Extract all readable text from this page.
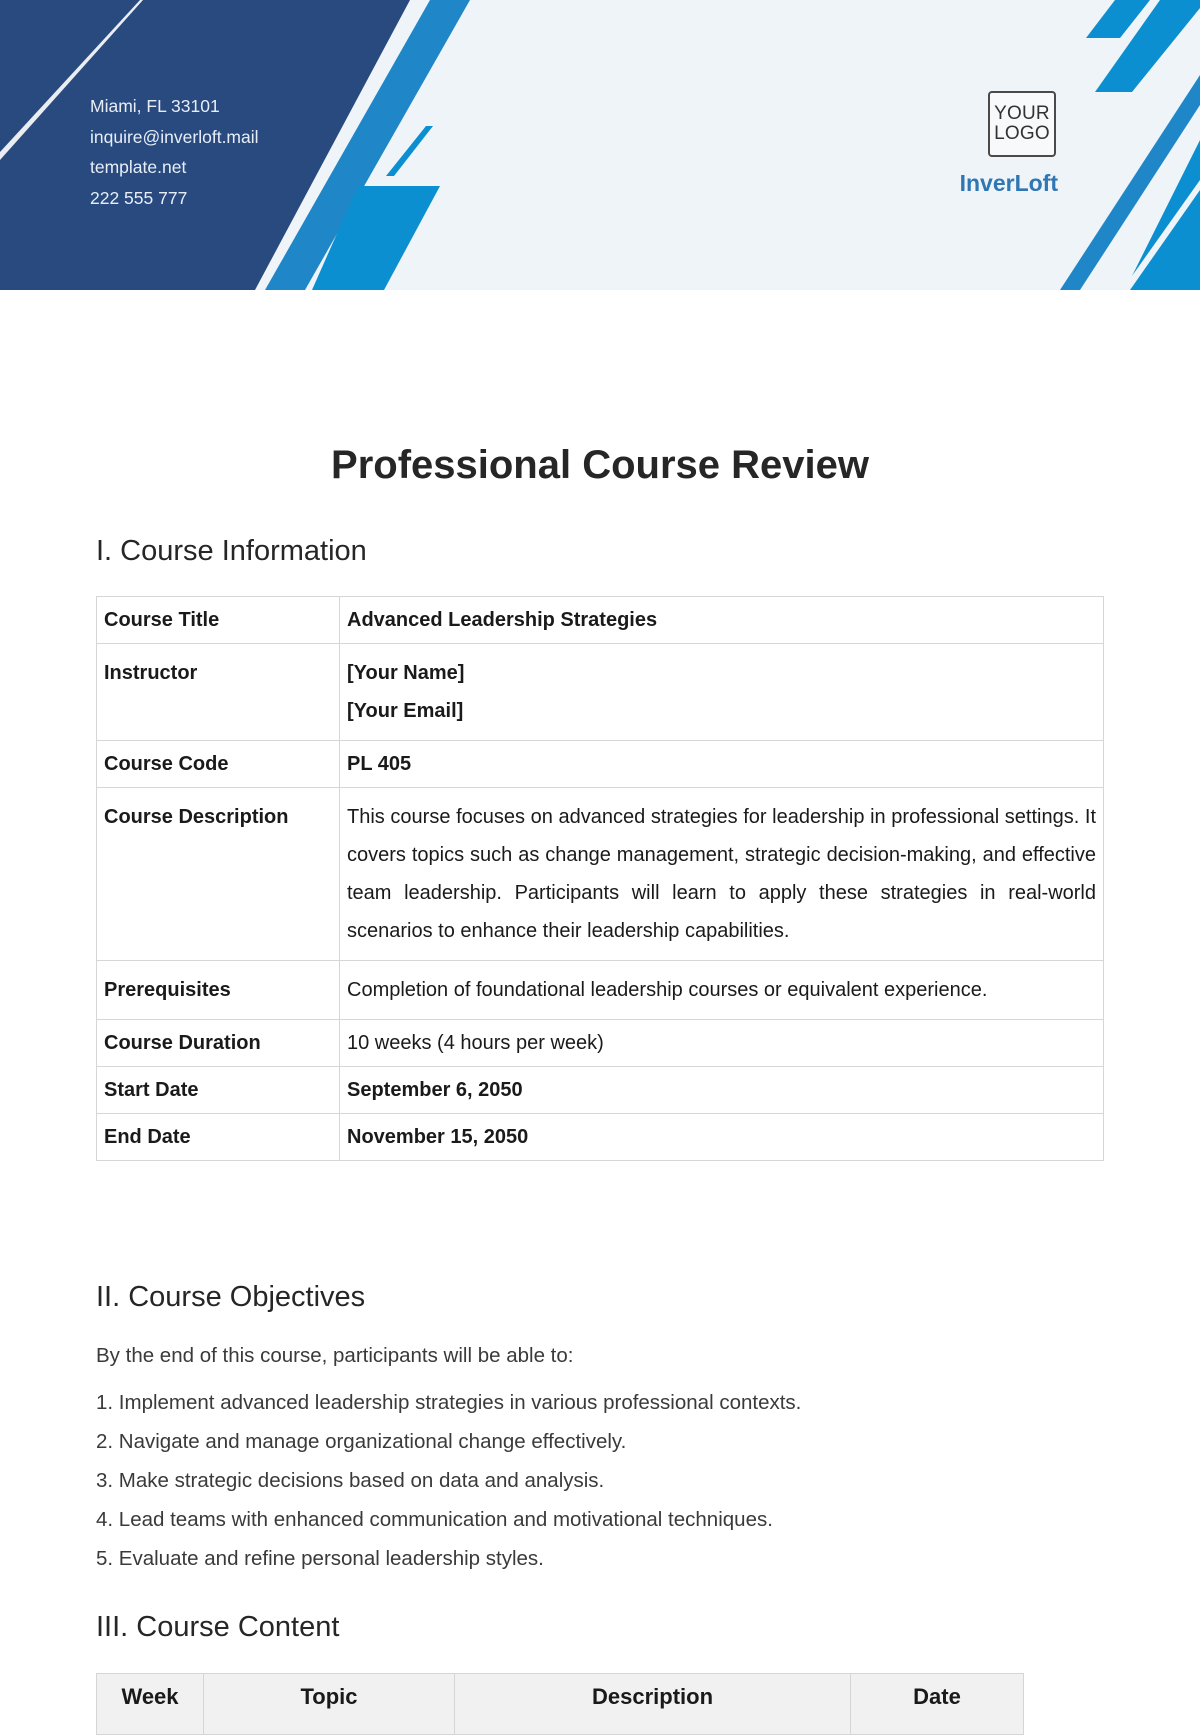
Miami, FL 33101
inquire@inverloft.mail
template.net
222 555 777
YOUR
LOGO
InverLoft
Professional Course Review
I. Course Information
Course Title	Advanced Leadership Strategies

Instructor	[Your Name]
[Your Email]

Course Code	PL 405

Course Description	This course focuses on advanced strategies for leadership in professional settings. It covers topics such as change management, strategic decision-making, and effective team leadership. Participants will learn to apply these strategies in real-world scenarios to enhance their leadership capabilities.

Prerequisites	Completion of foundational leadership courses or equivalent experience.

Course Duration	10 weeks (4 hours per week)

Start Date	September 6, 2050

End Date	November 15, 2050
II. Course Objectives

By the end of this course, participants will be able to:

1. Implement advanced leadership strategies in various professional contexts.
2. Navigate and manage organizational change effectively.
3. Make strategic decisions based on data and analysis.
4. Lead teams with enhanced communication and motivational techniques.
5. Evaluate and refine personal leadership styles.
III. Course Content
Week	Topic	Description	Date
